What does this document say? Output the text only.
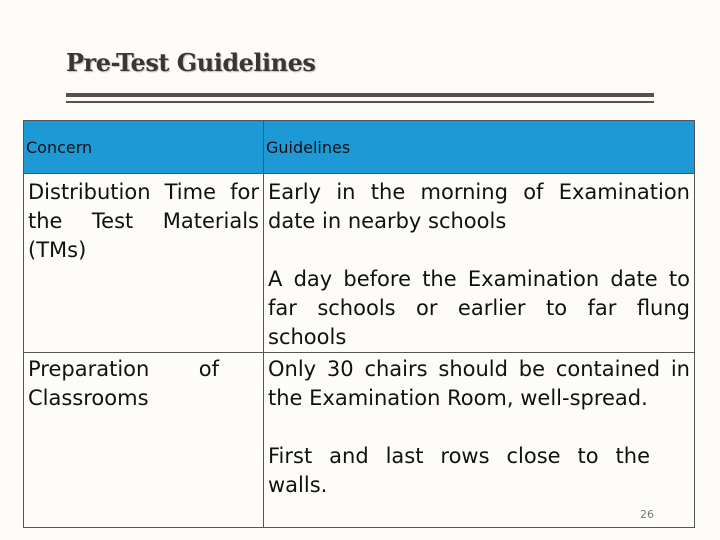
Pre-Test Guidelines
Concern	Guidelines

Distribution Time for the Test Materials (TMs)	Early in the morning of Examination date in nearby schools
A day before the Examination date to far schools or earlier to far flung schools

Preparation of Classrooms	Only 30 chairs should be contained in the Examination Room, well-spread.
First and last rows close to the walls.
26
